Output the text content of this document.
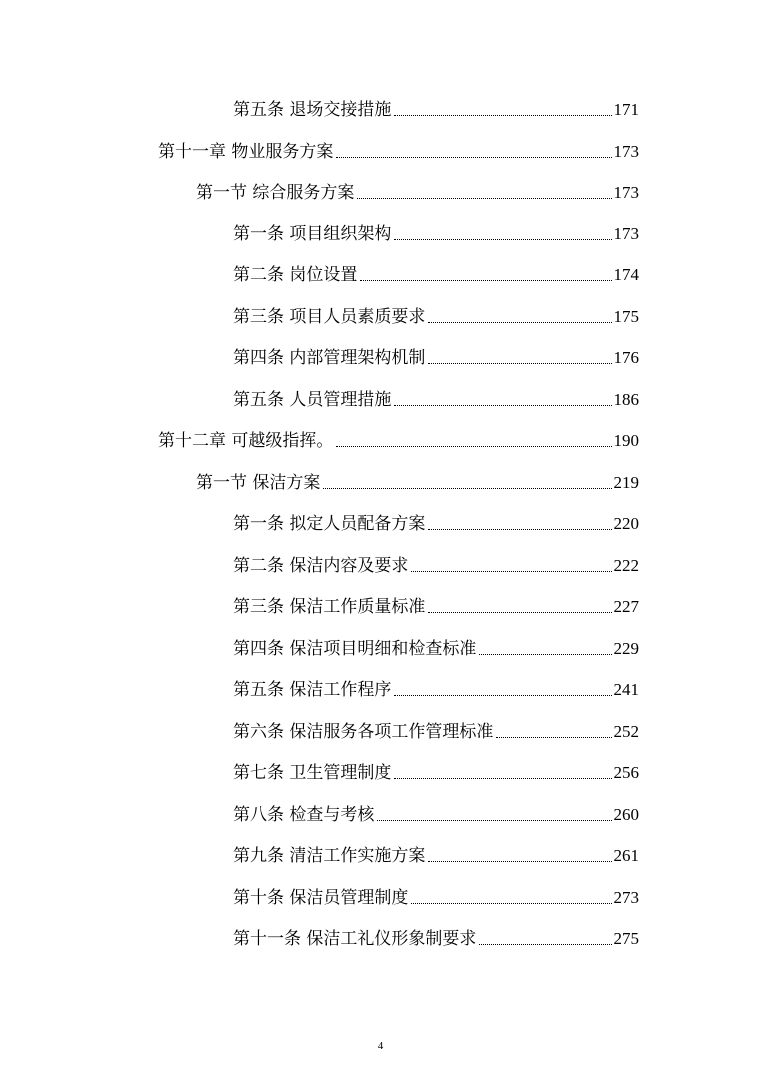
第五条 退场交接措施	171
第十一章 物业服务方案	173
第一节 综合服务方案	173
第一条 项目组织架构	173
第二条 岗位设置	174
第三条 项目人员素质要求	175
第四条 内部管理架构机制	176
第五条 人员管理措施	186
第十二章 可越级指挥。	190
第一节 保洁方案	219
第一条 拟定人员配备方案	220
第二条 保洁内容及要求	222
第三条 保洁工作质量标准	227
第四条 保洁项目明细和检查标准	229
第五条 保洁工作程序	241
第六条 保洁服务各项工作管理标准	252
第七条 卫生管理制度	256
第八条 检查与考核	260
第九条 清洁工作实施方案	261
第十条 保洁员管理制度	273
第十一条 保洁工礼仪形象制要求	275
4
